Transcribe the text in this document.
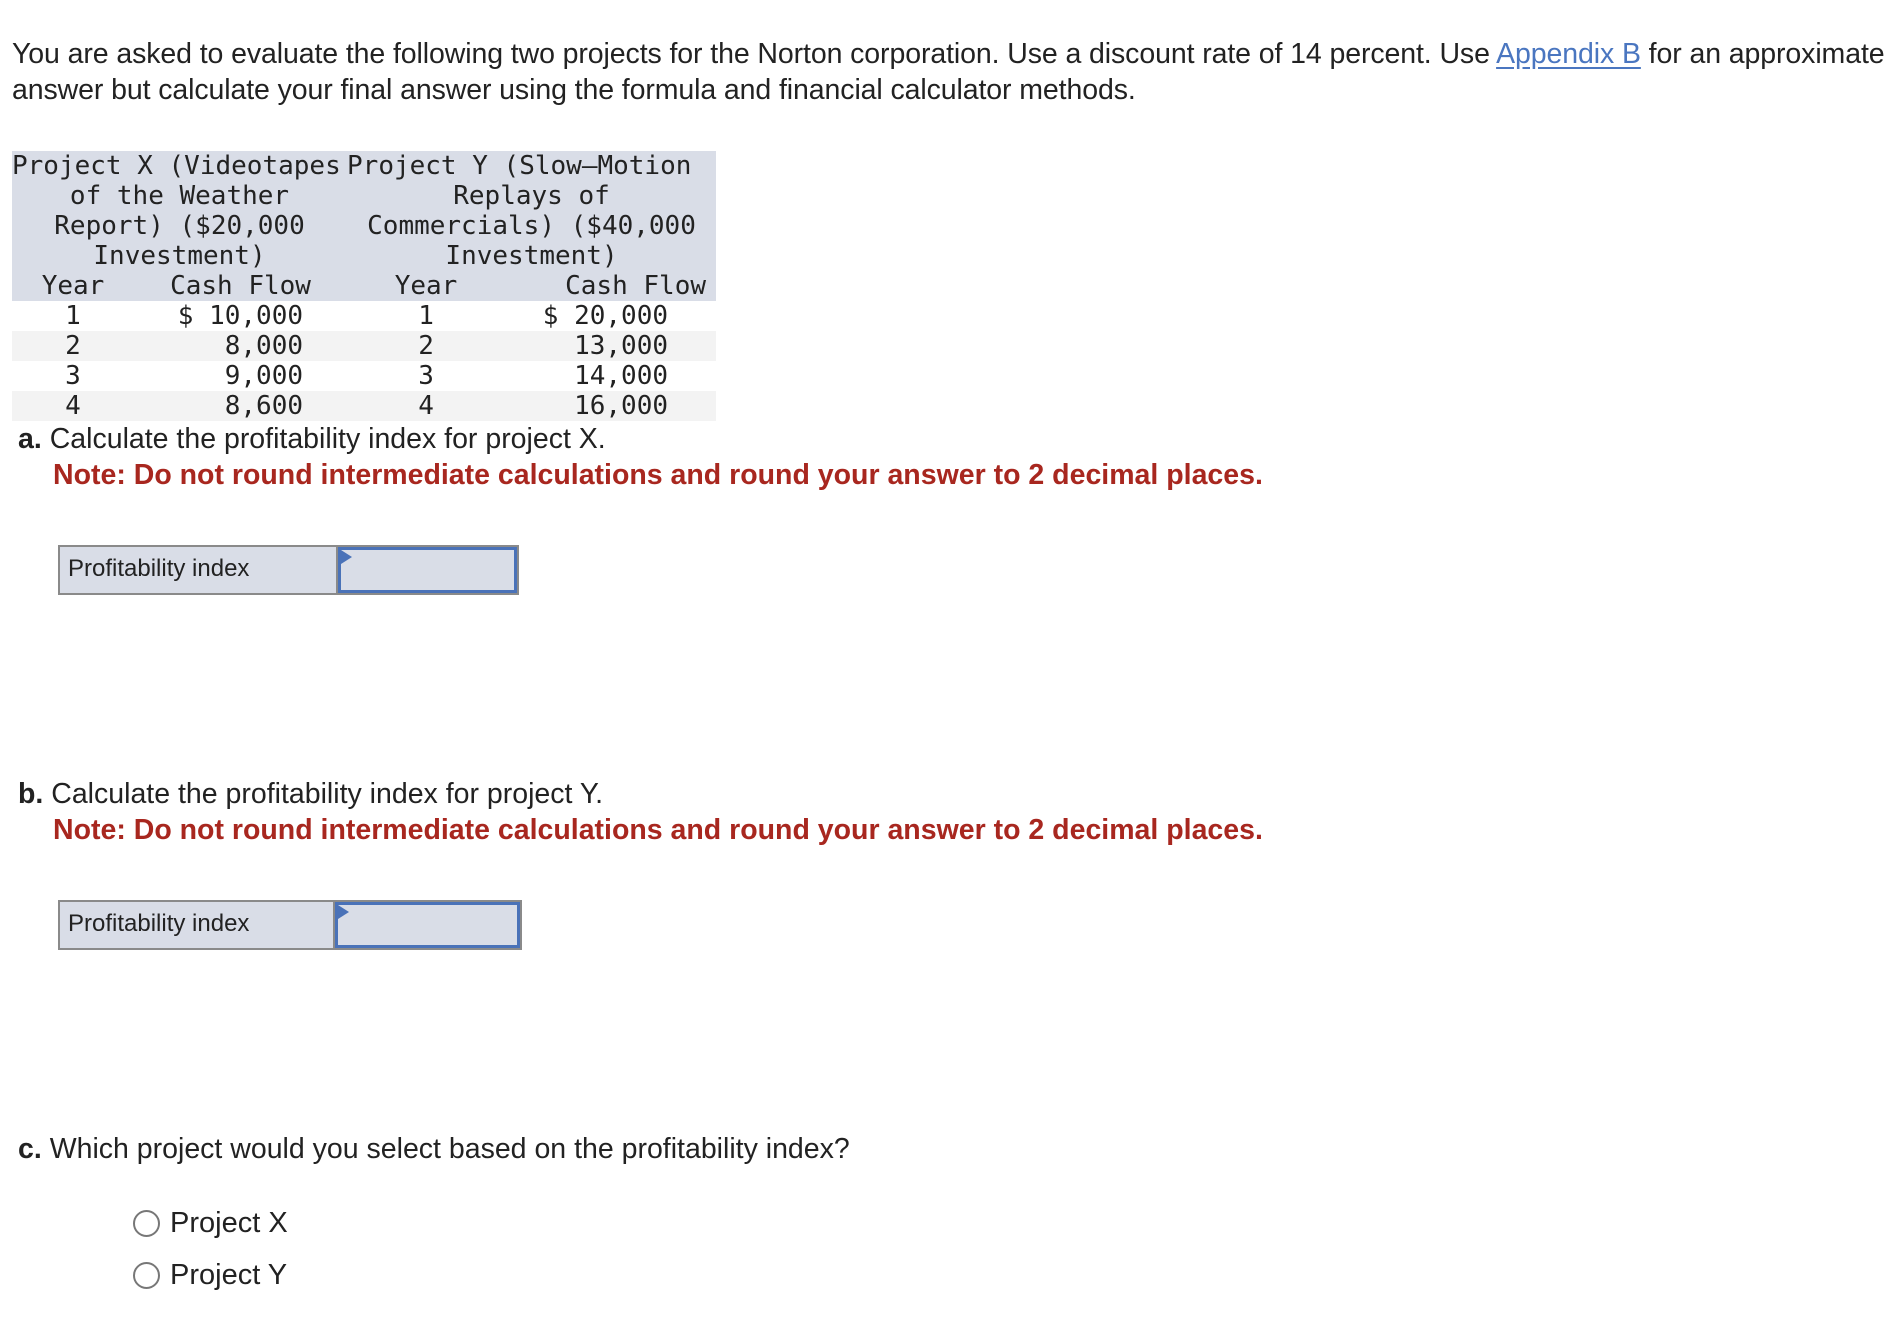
You are asked to evaluate the following two projects for the Norton corporation. Use a discount rate of 14 percent. Use Appendix B for an approximate answer but calculate your final answer using the formula and financial calculator methods.
Project X (Videotapes
of the Weather
Report) ($20,000
Investment)

Project Y (Slow–Motion
Replays of
Commercials) ($40,000
Investment)

Year	Cash Flow	Year	Cash Flow
1	$ 10,000	1	$ 20,000
2	8,000	2	13,000
3	9,000	3	14,000
4	8,600	4	16,000
a. Calculate the profitability index for project X.
Note: Do not round intermediate calculations and round your answer to 2 decimal places.
Profitability index
b. Calculate the profitability index for project Y.
Note: Do not round intermediate calculations and round your answer to 2 decimal places.
Profitability index
c. Which project would you select based on the profitability index?
Project X
Project Y
